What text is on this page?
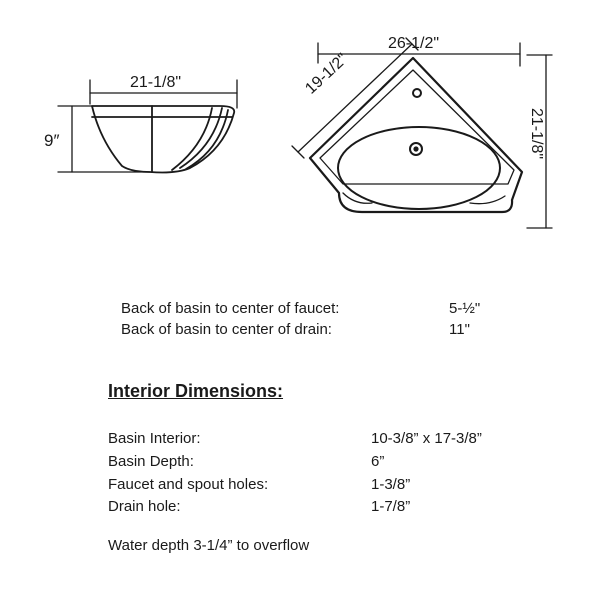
21-1/8"
9″
26-1/2"
19-1/2"
21-1/8"
Back of basin to center of faucet:	5-½"
Back of basin to center of drain:	11"
Interior Dimensions:
Basin Interior:	10-3/8” x 17-3/8”
Basin Depth:	6”
Faucet and spout holes:	1-3/8”
Drain hole:	1-7/8”
Water depth 3-1/4” to overflow
